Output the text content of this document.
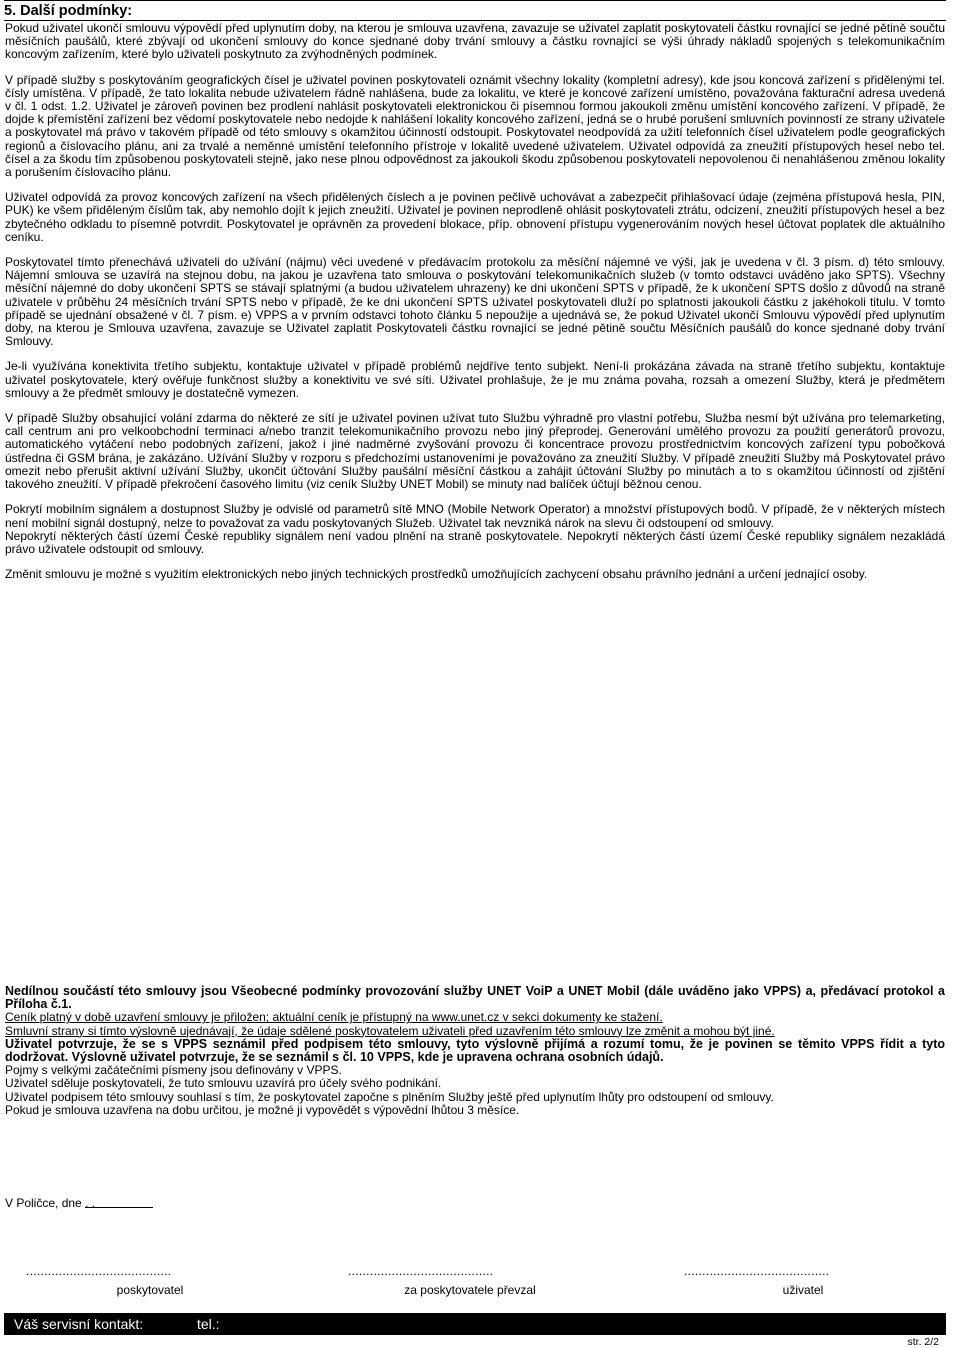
5. Další podmínky:

Pokud uživatel ukončí smlouvu výpovědí před uplynutím doby, na kterou je smlouva uzavřena, zavazuje se uživatel zaplatit poskytovateli částku rovnající se jedné pětině součtu měsíčních paušálů, které zbývají od ukončení smlouvy do konce sjednané doby trvání smlouvy a částku rovnající se výši úhrady nákladů spojených s telekomunikačním koncovým zařízením, které bylo uživateli poskytnuto za zvýhodněných podmínek.

V případě služby s poskytováním geografických čísel je uživatel povinen poskytovateli oznámit všechny lokality (kompletní adresy), kde jsou koncová zařízení s přidělenými tel. čísly umístěna. V případě, že tato lokalita nebude uživatelem řádně nahlášena, bude za lokalitu, ve které je koncové zařízení umístěno, považována fakturační adresa uvedená v čl. 1 odst. 1.2. Uživatel je zároveň povinen bez prodlení nahlásit poskytovateli elektronickou či písemnou formou jakoukoli změnu umístění koncového zařízení. V případě, že dojde k přemístění zařízení bez vědomí poskytovatele nebo nedojde k nahlášení lokality koncového zařízení, jedná se o hrubé porušení smluvních povinností ze strany uživatele a poskytovatel má právo v takovém případě od této smlouvy s okamžitou účinností odstoupit. Poskytovatel neodpovídá za užití telefonních čísel uživatelem podle geografických regionů a číslovacího plánu, ani za trvalé a neměnné umístění telefonního přístroje v lokalitě uvedené uživatelem. Uživatel odpovídá za zneužití přístupových hesel nebo tel. čísel a za škodu tím způsobenou poskytovateli stejně, jako nese plnou odpovědnost za jakoukoli škodu způsobenou poskytovateli nepovolenou či nenahlášenou změnou lokality a porušením číslovacího plánu.

Uživatel odpovídá za provoz koncových zařízení na všech přidělených číslech a je povinen pečlivě uchovávat a zabezpečit přihlašovací údaje (zejména přístupová hesla, PIN, PUK) ke všem přiděleným číslům tak, aby nemohlo dojít k jejich zneužití. Uživatel je povinen neprodleně ohlásit poskytovateli ztrátu, odcizení, zneužití přístupových hesel a bez zbytečného odkladu to písemně potvrdit. Poskytovatel je oprávněn za provedení blokace, příp. obnovení přístupu vygenerováním nových hesel účtovat poplatek dle aktuálního ceníku.

Poskytovatel tímto přenechává uživateli do užívání (nájmu) věci uvedené v předávacím protokolu za měsíční nájemné ve výši, jak je uvedena v čl. 3 písm. d) této smlouvy. Nájemní smlouva se uzavírá na stejnou dobu, na jakou je uzavřena tato smlouva o poskytování telekomunikačních služeb (v tomto odstavci uváděno jako SPTS). Všechny měsíční nájemné do doby ukončení SPTS se stávají splatnými (a budou uživatelem uhrazeny) ke dni ukončení SPTS v případě, že k ukončení SPTS došlo z důvodů na straně uživatele v průběhu 24 měsíčních trvání SPTS nebo v případě, že ke dni ukončení SPTS uživatel poskytovateli dluží po splatnosti jakoukoli částku z jakéhokoli titulu. V tomto případě se ujednání obsažené v čl. 7 písm. e) VPPS a v prvním odstavci tohoto článku 5 nepoužije a ujednává se, že pokud Uživatel ukončí Smlouvu výpovědí před uplynutím doby, na kterou je Smlouva uzavřena, zavazuje se Uživatel zaplatit Poskytovateli částku rovnající se jedné pětině součtu Měsíčních paušálů do konce sjednané doby trvání Smlouvy.

Je-li využívána konektivita třetího subjektu, kontaktuje uživatel v případě problémů nejdříve tento subjekt. Není-li prokázána závada na straně třetího subjektu, kontaktuje uživatel poskytovatele, který ověřuje funkčnost služby a konektivitu ve své síti. Uživatel prohlašuje, že je mu známa povaha, rozsah a omezení Služby, která je předmětem smlouvy a že předmět smlouvy je dostatečně vymezen.

V případě Služby obsahující volání zdarma do některé ze sítí je uživatel povinen užívat tuto Službu výhradně pro vlastní potřebu, Služba nesmí být užívána pro telemarketing, call centrum ani pro velkoobchodní terminaci a/nebo tranzit telekomunikačního provozu nebo jiný přeprodej. Generování umělého provozu za použití generátorů provozu, automatického vytáčení nebo podobných zařízení, jakož i jiné nadměrné zvyšování provozu či koncentrace provozu prostřednictvím koncových zařízení typu pobočková ústředna či GSM brána, je zakázáno. Užívání Služby v rozporu s předchozími ustanoveními je považováno za zneužití Služby. V případě zneužití Služby má Poskytovatel právo omezit nebo přerušit aktivní užívání Služby, ukončit účtování Služby paušální měsíční částkou a zahájit účtování Služby po minutách a to s okamžitou účinností od zjištění takového zneužití. V případě překročení časového limitu (viz ceník Služby UNET Mobil) se minuty nad balíček účtují běžnou cenou.

Pokrytí mobilním signálem a dostupnost Služby je odvislé od parametrů sítě MNO (Mobile Network Operator) a množství přístupových bodů. V případě, že v některých místech není mobilní signál dostupný, nelze to považovat za vadu poskytovaných Služeb. Uživatel tak nevzniká nárok na slevu či odstoupení od smlouvy.

Nepokrytí některých částí území České republiky signálem není vadou plnění na straně poskytovatele. Nepokrytí některých částí území České republiky signálem nezakládá právo uživatele odstoupit od smlouvy.

Změnit smlouvu je možné s využitím elektronických nebo jiných technických prostředků umožňujících zachycení obsahu právního jednání a určení jednající osoby.

Nedílnou součástí této smlouvy jsou Všeobecné podmínky provozování služby UNET VoiP a UNET Mobil (dále uváděno jako VPPS) a, předávací protokol a Příloha č.1.

Ceník platný v době uzavření smlouvy je přiložen; aktuální ceník je přístupný na www.unet.cz v sekci dokumenty ke stažení.

Smluvní strany si tímto výslovně ujednávají, že údaje sdělené poskytovatelem uživateli před uzavřením této smlouvy lze změnit a mohou být jiné.

Uživatel potvrzuje, že se s VPPS seznámil před podpisem této smlouvy, tyto výslovně přijímá a rozumí tomu, že je povinen se těmito VPPS řídit a tyto dodržovat. Výslovně uživatel potvrzuje, že se seznámil s čl. 10 VPPS, kde je upravena ochrana osobních údajů.

Pojmy s velkými začátečními písmeny jsou definovány v VPPS.

Uživatel sděluje poskytovateli, že tuto smlouvu uzavírá pro účely svého podnikání.

Uživatel podpisem této smlouvy souhlasí s tím, že poskytovatel započne s plněním Služby ještě před uplynutím lhůty pro odstoupení od smlouvy.

Pokud je smlouva uzavřena na dobu určitou, je možné ji vypovědět s výpovědní lhůtou 3 měsíce.

V Poličce, dne . .
........................................	........................................	........................................
poskytovatel	za poskytovatele převzal	uživatel
Váš servisní kontakt:	tel.:
str. 2/2
